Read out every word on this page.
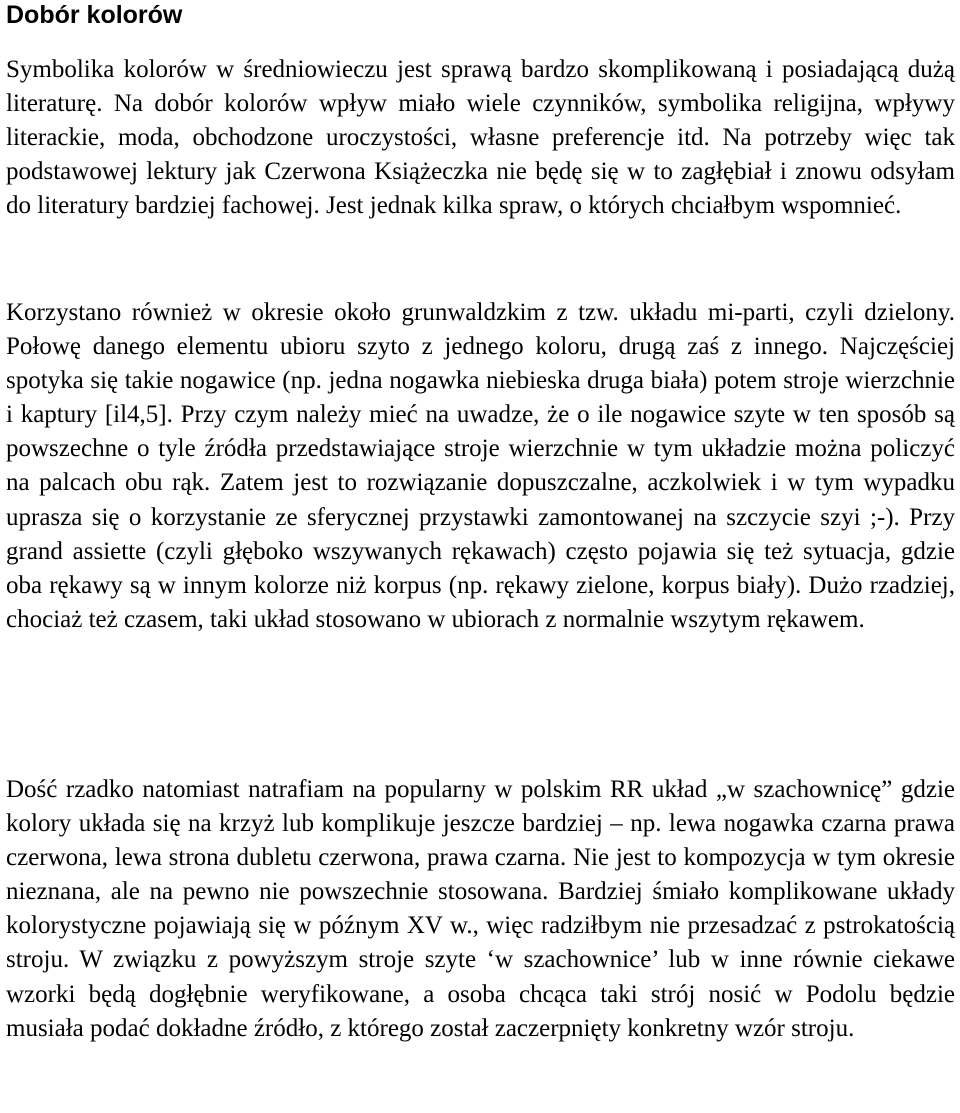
Dobór kolorów

Symbolika kolorów w średniowieczu jest sprawą bardzo skomplikowaną i posiadającą dużą literaturę. Na dobór kolorów wpływ miało wiele czynników, symbolika religijna, wpływy literackie, moda, obchodzone uroczystości, własne preferencje itd. Na potrzeby więc tak podstawowej lektury jak Czerwona Książeczka nie będę się w to zagłębiał i znowu odsyłam do literatury bardziej fachowej. Jest jednak kilka spraw, o których chciałbym wspomnieć.

Korzystano również w okresie około grunwaldzkim z tzw. układu mi-parti, czyli dzielony. Połowę danego elementu ubioru szyto z jednego koloru, drugą zaś z innego. Najczęściej spotyka się takie nogawice (np. jedna nogawka niebieska druga biała) potem stroje wierzchnie i kaptury [il4,5]. Przy czym należy mieć na uwadze, że o ile nogawice szyte w ten sposób są powszechne o tyle źródła przedstawiające stroje wierzchnie w tym układzie można policzyć na palcach obu rąk. Zatem jest to rozwiązanie dopuszczalne, aczkolwiek i w tym wypadku uprasza się o korzystanie ze sferycznej przystawki zamontowanej na szczycie szyi ;-). Przy grand assiette (czyli głęboko wszywanych rękawach) często pojawia się też sytuacja, gdzie oba rękawy są w innym kolorze niż korpus (np. rękawy zielone, korpus biały). Dużo rzadziej, chociaż też czasem, taki układ stosowano w ubiorach z normalnie wszytym rękawem.

Dość rzadko natomiast natrafiam na popularny w polskim RR układ „w szachownicę” gdzie kolory układa się na krzyż lub komplikuje jeszcze bardziej – np. lewa nogawka czarna prawa czerwona, lewa strona dubletu czerwona, prawa czarna. Nie jest to kompozycja w tym okresie nieznana, ale na pewno nie powszechnie stosowana. Bardziej śmiało komplikowane układy kolorystyczne pojawiają się w późnym XV w., więc radziłbym nie przesadzać z pstrokatością stroju. W związku z powyższym stroje szyte ‘w szachownice’ lub w inne równie ciekawe wzorki będą dogłębnie weryfikowane, a osoba chcąca taki strój nosić w Podolu będzie musiała podać dokładne źródło, z którego został zaczerpnięty konkretny wzór stroju.
